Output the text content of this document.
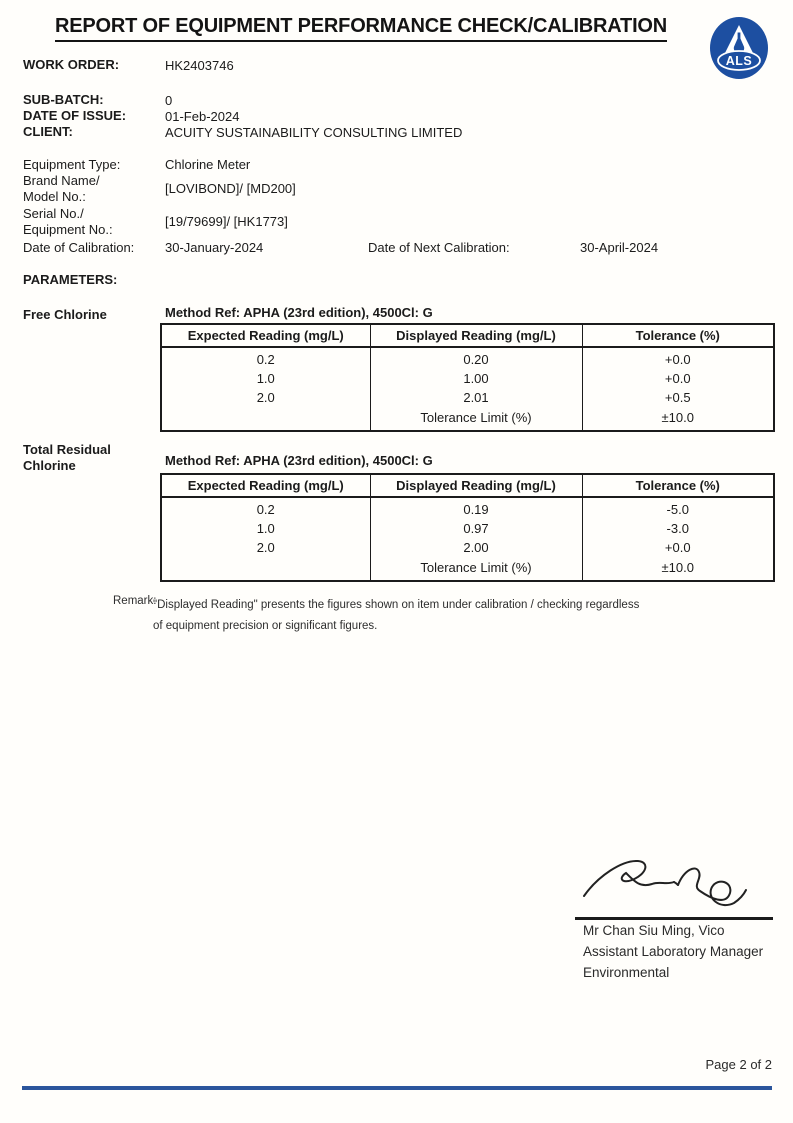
REPORT OF EQUIPMENT PERFORMANCE CHECK/CALIBRATION
ALS
WORK ORDER:	HK2403746
SUB-BATCH:	0
DATE OF ISSUE:	01-Feb-2024
CLIENT:	ACUITY SUSTAINABILITY CONSULTING LIMITED
Equipment Type:	Chlorine Meter
Brand Name/
Model No.:
[LOVIBOND]/ [MD200]
Serial No./
Equipment No.:
[19/79699]/ [HK1773]
Date of Calibration: 30-January-2024	Date of Next Calibration:	30-April-2024
PARAMETERS:
Free Chlorine	Method Ref: APHA (23rd edition), 4500Cl: G
Expected Reading (mg/L)	Displayed Reading (mg/L)	Tolerance (%)
0.2	0.20	+0.0
1.0	1.00	+0.0
2.0	2.01	+0.5
	Tolerance Limit (%)	±10.0
Total Residual Chlorine	Method Ref: APHA (23rd edition), 4500Cl: G
Expected Reading (mg/L)	Displayed Reading (mg/L)	Tolerance (%)
0.2	0.19	-5.0
1.0	0.97	-3.0
2.0	2.00	+0.0
	Tolerance Limit (%)	±10.0
Remark:
"Displayed Reading" presents the figures shown on item under calibration / checking regardless
of equipment precision or significant figures.
Mr Chan Siu Ming, Vico
Assistant Laboratory Manager
Environmental
Page 2 of 2
